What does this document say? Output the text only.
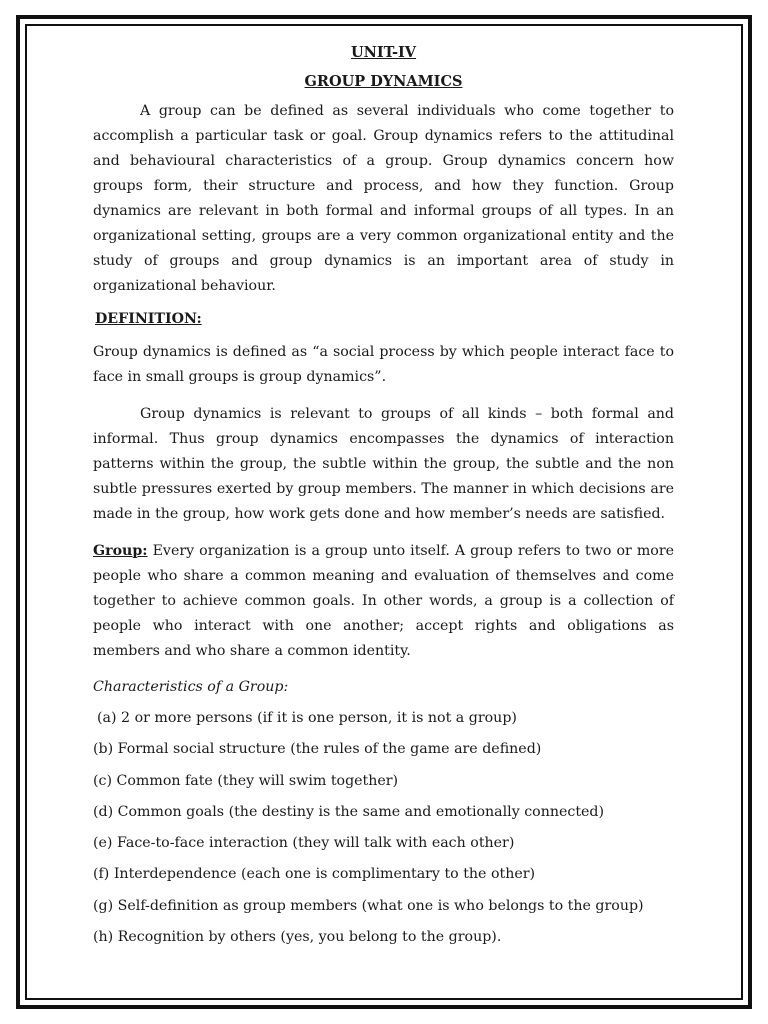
UNIT-IV
GROUP DYNAMICS

A group can be defined as several individuals who come together to accomplish a particular task or goal. Group dynamics refers to the attitudinal and behavioural characteristics of a group. Group dynamics concern how groups form, their structure and process, and how they function. Group dynamics are relevant in both formal and informal groups of all types. In an organizational setting, groups are a very common organizational entity and the study of groups and group dynamics is an important area of study in organizational behaviour.

DEFINITION:

Group dynamics is defined as “a social process by which people interact face to face in small groups is group dynamics”.

Group dynamics is relevant to groups of all kinds – both formal and informal. Thus group dynamics encompasses the dynamics of interaction patterns within the group, the subtle within the group, the subtle and the non subtle pressures exerted by group members. The manner in which decisions are made in the group, how work gets done and how member’s needs are satisfied.

Group: Every organization is a group unto itself. A group refers to two or more people who share a common meaning and evaluation of themselves and come together to achieve common goals. In other words, a group is a collection of people who interact with one another; accept rights and obligations as members and who share a common identity.

Characteristics of a Group:
(a) 2 or more persons (if it is one person, it is not a group)
(b) Formal social structure (the rules of the game are defined)
(c) Common fate (they will swim together)
(d) Common goals (the destiny is the same and emotionally connected)
(e) Face-to-face interaction (they will talk with each other)
(f) Interdependence (each one is complimentary to the other)
(g) Self-definition as group members (what one is who belongs to the group)
(h) Recognition by others (yes, you belong to the group).
